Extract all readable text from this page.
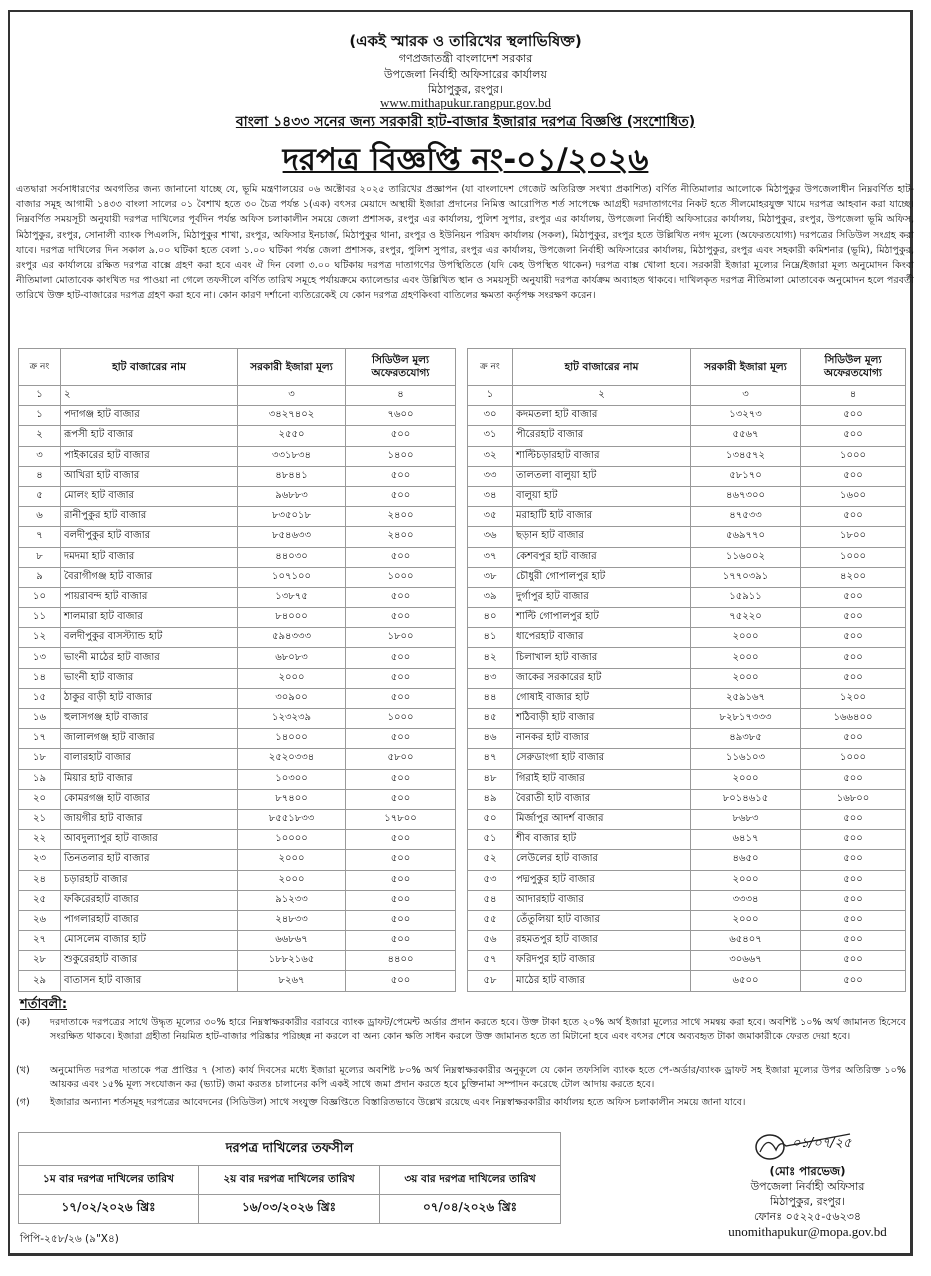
(একই স্মারক ও তারিখের স্থলাভিষিক্ত)
গণপ্রজাতন্ত্রী বাংলাদেশ সরকার
উপজেলা নির্বাহী অফিসারের কার্যালয়
মিঠাপুকুর, রংপুর।
www.mithapukur.rangpur.gov.bd
বাংলা ১৪৩৩ সনের জন্য সরকারী হাট-বাজার ইজারার দরপত্র বিজ্ঞপ্তি (সংশোধিত)
দরপত্র বিজ্ঞপ্তি নং-০১/২০২৬
এতদ্বারা সর্বসাধারণের অবগতির জন্য জানানো যাচ্ছে যে, ভূমি মন্ত্রণালয়ের ০৬ অক্টোবর ২০২৫ তারিখের প্রজ্ঞাপন (যা বাংলাদেশ গেজেট অতিরিক্ত সংখ্যা প্রকাশিত) বর্ণিত নীতিমালার আলোকে মিঠাপুকুর উপজেলাধীন নিম্নবর্ণিত হাট-বাজার সমূহ আগামী ১৪৩৩ বাংলা সালের ০১ বৈশাখ হতে ৩০ চৈত্র পর্যন্ত ১(এক) বৎসর মেয়াদে অস্থায়ী ইজারা প্রদানের নিমিত্ত আরোপিত শর্ত সাপেক্ষে আগ্রহী দরদাতাগণের নিকট হতে সীলমোহরযুক্ত খামে দরপত্র আহবান করা যাচ্ছে। নিম্নবর্ণিত সময়সূচী অনুযায়ী দরপত্র দাখিলের পূর্বদিন পর্যন্ত অফিস চলাকালীন সময়ে জেলা প্রশাসক, রংপুর এর কার্যালয়, পুলিশ সুপার, রংপুর এর কার্যালয়, উপজেলা নির্বাহী অফিসারের কার্যালয়, মিঠাপুকুর, রংপুর, উপজেলা ভূমি অফিস, মিঠাপুকুর, রংপুর, সোনালী ব্যাংক পিএলসি, মিঠাপুকুর শাখা, রংপুর, অফিসার ইনচার্জ, মিঠাপুকুর থানা, রংপুর ও ইউনিয়ন পরিষদ কার্যালয় (সকল), মিঠাপুকুর, রংপুর হতে উল্লিখিত নগদ মূল্যে (অফেরতযোগ্য) দরপত্রের সিডিউল সংগ্রহ করা যাবে। দরপত্র দাখিলের দিন সকাল ৯.০০ ঘটিকা হতে বেলা ১.০০ ঘটিকা পর্যন্ত জেলা প্রশাসক, রংপুর, পুলিশ সুপার, রংপুর এর কার্যালয়, উপজেলা নির্বাহী অফিসারের কার্যালয়, মিঠাপুকুর, রংপুর এবং সহকারী কমিশনার (ভূমি), মিঠাপুকুর, রংপুর এর কার্যালয়ে রক্ষিত দরপত্র বাক্সে গ্রহণ করা হবে এবং ঐ দিন বেলা ৩.০০ ঘটিকায় দরপত্র দাতাগণের উপস্থিতিতে (যদি কেহ উপস্থিত থাকেন) দরপত্র বাক্স খোলা হবে। সরকারী ইজারা মূল্যের নিম্নে/ইজারা মূল্য অনুমোদন কিংবা নীতিমালা মোতাবেক কাংখিত দর পাওয়া না গেলে তফসীলে বর্ণিত তারিখ সমূহে পর্যায়ক্রমে ক্যালেন্ডার এবং উল্লিখিত স্থান ও সময়সূচী অনুযায়ী দরপত্র কার্যক্রম অব্যাহত থাকবে। দাখিলকৃত দরপত্র নীতিমালা মোতাবেক অনুমোদন হলে পরবর্তী তারিখে উক্ত হাট-বাজারের দরপত্র গ্রহণ করা হবে না। কোন কারণ দর্শানো ব্যতিরেকেই যে কোন দরপত্র গ্রহণকিংবা বাতিলের ক্ষমতা কর্তৃপক্ষ সংরক্ষণ করেন।
ক্র নং	হাট বাজারের নাম	সরকারী ইজারা মূল্য	সিডিউল মূল্য অফেরতযোগ্য
১	২	৩	৪
১	পদাগঞ্জ হাট বাজার	৩৪২৭৪০২	৭৬০০
২	রূপসী হাট বাজার	২৫৫০	৫০০
৩	পাইকারের হাট বাজার	৩৩১৮৩৪	১৪০০
৪	আখিরা হাট বাজার	৪৮৪৪১	৫০০
৫	মোলং হাট বাজার	৯৬৮৮৩	৫০০
৬	রানীপুকুর হাট বাজার	৮৩৫০১৮	২৪০০
৭	বলদীপুকুর হাট বাজার	৮৫৪৬৩৩	২৪০০
৮	দমদমা হাট বাজার	৪৪০৩০	৫০০
৯	বৈরাগীগঞ্জ হাট বাজার	১০৭১০০	১০০০
১০	পায়রাবন্দ হাট বাজার	১৩৮৭৫	৫০০
১১	শালমারা হাট বাজার	৮৪০০০	৫০০
১২	বলদীপুকুর বাসস্ট্যান্ড হাট	৫৯৪৩৩৩	১৮০০
১৩	ভাংনী মাঠের হাট বাজার	৬৮০৮৩	৫০০
১৪	ভাংনী হাট বাজার	২০০০	৫০০
১৫	ঠাকুর বাড়ী হাট বাজার	৩০৯০০	৫০০
১৬	হুলাসগঞ্জ হাট বাজার	১২৩২৩৯	১০০০
১৭	জালালগঞ্জ হাট বাজার	১৪০০০	৫০০
১৮	বালারহাট বাজার	২৫২০৩৩৪	৫৮০০
১৯	মিয়ার হাট বাজার	১০৩০০	৫০০
২০	কোমরগঞ্জ হাট বাজার	৮৭৪০০	৫০০
২১	জায়গীর হাট বাজার	৮৫৫১৮৩৩	১৭৮০০
২২	আবদুল্যাপুর হাট বাজার	১০০০০	৫০০
২৩	তিনতলার হাট বাজার	২০০০	৫০০
২৪	চড়ারহাট বাজার	২০০০	৫০০
২৫	ফকিরেরহাট বাজার	৯১২৩৩	৫০০
২৬	পাগলারহাট বাজার	২৪৮৩৩	৫০০
২৭	মোসলেম বাজার হাট	৬৬৮৬৭	৫০০
২৮	শুকুরেরহাট বাজার	১৮৮২১৬৫	৪৪০০
২৯	বাতাসন হাট বাজার	৮২৬৭	৫০০
ক্র নং	হাট বাজারের নাম	সরকারী ইজারা মূল্য	সিডিউল মূল্য অফেরতযোগ্য
১	২	৩	৪
৩০	কদমতলা হাট বাজার	১৩২৭৩	৫০০
৩১	পীরেরহাট বাজার	৫৫৬৭	৫০০
৩২	শাল্টিচড়ারহাট বাজার	১৩৪৫৭২	১০০০
৩৩	তালতলা বালুয়া হাট	৫৮১৭০	৫০০
৩৪	বালুয়া হাট	৪৬৭৩০০	১৬০০
৩৫	মরাহাটি হাট বাজার	৪৭৫৩৩	৫০০
৩৬	ছড়ান হাট বাজার	৫৬৯৭৭০	১৮০০
৩৭	কেশবপুর হাট বাজার	১১৬০০২	১০০০
৩৮	চৌধুরী গোপালপুর হাট	১৭৭০৩৯১	৪২০০
৩৯	দুর্গাপুর হাট বাজার	১৫৯১১	৫০০
৪০	শাল্টি গোপালপুর হাট	৭৫২২০	৫০০
৪১	ধাপেরহাট বাজার	২০০০	৫০০
৪২	চিলাখাল হাট বাজার	২০০০	৫০০
৪৩	জাকের সরকারের হাট	২০০০	৫০০
৪৪	গোষাই বাজার হাট	২৫৯১৬৭	১২০০
৪৫	শঠিবাড়ী হাট বাজার	৮২৮১৭৩৩৩	১৬৬৪০০
৪৬	নানকর হাট বাজার	৪৯৩৮৫	৫০০
৪৭	সেরুডাংগা হাট বাজার	১১৬১০৩	১০০০
৪৮	গিরাই হাট বাজার	২০০০	৫০০
৪৯	বৈরাতী হাট বাজার	৮০১৪৬১৫	১৬৮০০
৫০	মির্জাপুর আদর্শ বাজার	৮৬৮৩	৫০০
৫১	শীব বাজার হাট	৬৪১৭	৫০০
৫২	লেউলের হাট বাজার	৪৬৫০	৫০০
৫৩	পদ্মপুকুর হাট বাজার	২০০০	৫০০
৫৪	আদারহাট বাজার	৩৩৩৪	৫০০
৫৫	তেঁতুলিয়া হাট বাজার	২০০০	৫০০
৫৬	রহমতপুর হাট বাজার	৬৫৪০৭	৫০০
৫৭	ফরিদপুর হাট বাজার	৩০৬৬৭	৫০০
৫৮	মাঠের হাট বাজার	৬৫০০	৫০০
শর্তাবলী:
(ক)	দরদাতাকে দরপত্রের সাথে উদ্ধৃত মূল্যের ৩০% হারে নিম্নস্বাক্ষরকারীর বরাবরে ব্যাংক ড্রাফট/পেমেন্ট অর্ডার প্রদান করতে হবে। উক্ত টাকা হতে ২০% অর্থ ইজারা মূল্যের সাথে সমন্বয় করা হবে। অবশিষ্ট ১০% অর্থ জামানত হিসেবে সংরক্ষিত থাকবে। ইজারা গ্রহীতা নিয়মিত হাট-বাজার পরিষ্কার পরিচ্ছন্ন না করলে বা অন্য কোন ক্ষতি সাধন করলে উক্ত জামানত হতে তা মিটানো হবে এবং বৎসর শেষে অব্যবহৃত টাকা জমাকারীকে ফেরত দেয়া হবে।
(খ)	অনুমোদিত দরপত্র দাতাকে পত্র প্রাপ্তির ৭ (সাত) কার্য দিবসের মধ্যে ইজারা মূল্যের অবশিষ্ট ৮০% অর্থ নিম্নস্বাক্ষরকারীর অনুকূলে যে কোন তফসিলি ব্যাংক হতে পে-অর্ডার/ব্যাংক ড্রাফট সহ ইজারা মূল্যের উপর অতিরিক্ত ১০% আয়কর এবং ১৫% মূল্য সংযোজন কর (ভ্যাট) জমা করতঃ চালানের কপি একই সাথে জমা প্রদান করতে হবে চুক্তিনামা সম্পাদন করেছে টোল আদায় করতে হবে।
(গ)	ইজারার অন্যান্য শর্তসমূহ দরপত্রের আবেদনের (সিডিউল) সাথে সংযুক্ত বিজ্ঞপ্তিতে বিস্তারিতভাবে উল্লেখ রয়েছে এবং নিম্নস্বাক্ষরকারীর কার্যালয় হতে অফিস চলাকালীন সময়ে জানা যাবে।
দরপত্র দাখিলের তফসীল		
১ম বার দরপত্র দাখিলের তারিখ	২য় বার দরপত্র দাখিলের তারিখ	৩য় বার দরপত্র দাখিলের তারিখ
১৭/০২/২০২৬ খ্রিঃ	১৬/০৩/২০২৬ খ্রিঃ	০৭/০৪/২০২৬ খ্রিঃ
০১/০৭/২৫
(মোঃ পারভেজ)
উপজেলা নির্বাহী অফিসার
মিঠাপুকুর, রংপুর।
ফোনঃ ০৫২২৫-৫৬২৩৪
unomithapukur@mopa.gov.bd
পিপি-২৫৮/২৬ (৯"X৪)
